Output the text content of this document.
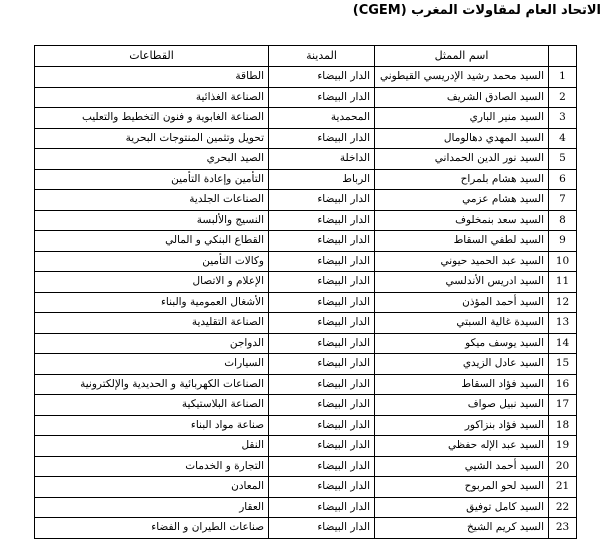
الاتحاد العام لمقاولات المغرب (CGEM)
	اسم الممثل	المدينة	القطاعات
1	السيد محمد رشيد الإدريسي القيطوني	الدار البيضاء	الطاقة
2	السيد الصادق الشريف	الدار البيضاء	الصناعة الغذائية
3	السيد منير الباري	المحمدية	الصناعة الغابوية و فنون التخطيط والتعليب
4	السيد المهدي دهالومال	الدار البيضاء	تحويل وتثمين المنتوجات البحرية
5	السيد نور الدين الحمداني	الداخلة	الصيد البحري
6	السيد هشام بلمراح	الرباط	التأمين وإعادة التأمين
7	السيد هشام عزمي	الدار البيضاء	الصناعات الجلدية
8	السيد سعد بنمخلوف	الدار البيضاء	النسيج والألبسة
9	السيد لطفي السقاط	الدار البيضاء	القطاع البنكي و المالي
10	السيد عبد الحميد حيوني	الدار البيضاء	وكالات التأمين
11	السيد ادريس الأندلسي	الدار البيضاء	الإعلام و الاتصال
12	السيد أحمد المؤذن	الدار البيضاء	الأشغال العمومية والبناء
13	السيدة غالية السبتي	الدار البيضاء	الصناعة التقليدية
14	السيد يوسف ميكو	الدار البيضاء	الدواجن
15	السيد عادل الزيدي	الدار البيضاء	السيارات
16	السيد فؤاد السقاط	الدار البيضاء	الصناعات الكهربائية و الحديدية والإلكترونية
17	السيد نبيل صواف	الدار البيضاء	الصناعة البلاستيكية
18	السيد فؤاد بنزاكور	الدار البيضاء	صناعة مواد البناء
19	السيد عبد الإله حفظي	الدار البيضاء	النقل
20	السيد أحمد الشيي	الدار البيضاء	التجارة و الخدمات
21	السيد لحو المربوح	الدار البيضاء	المعادن
22	السيد كامل توفيق	الدار البيضاء	العقار
23	السيد كريم الشيخ	الدار البيضاء	صناعات الطيران و الفضاء
